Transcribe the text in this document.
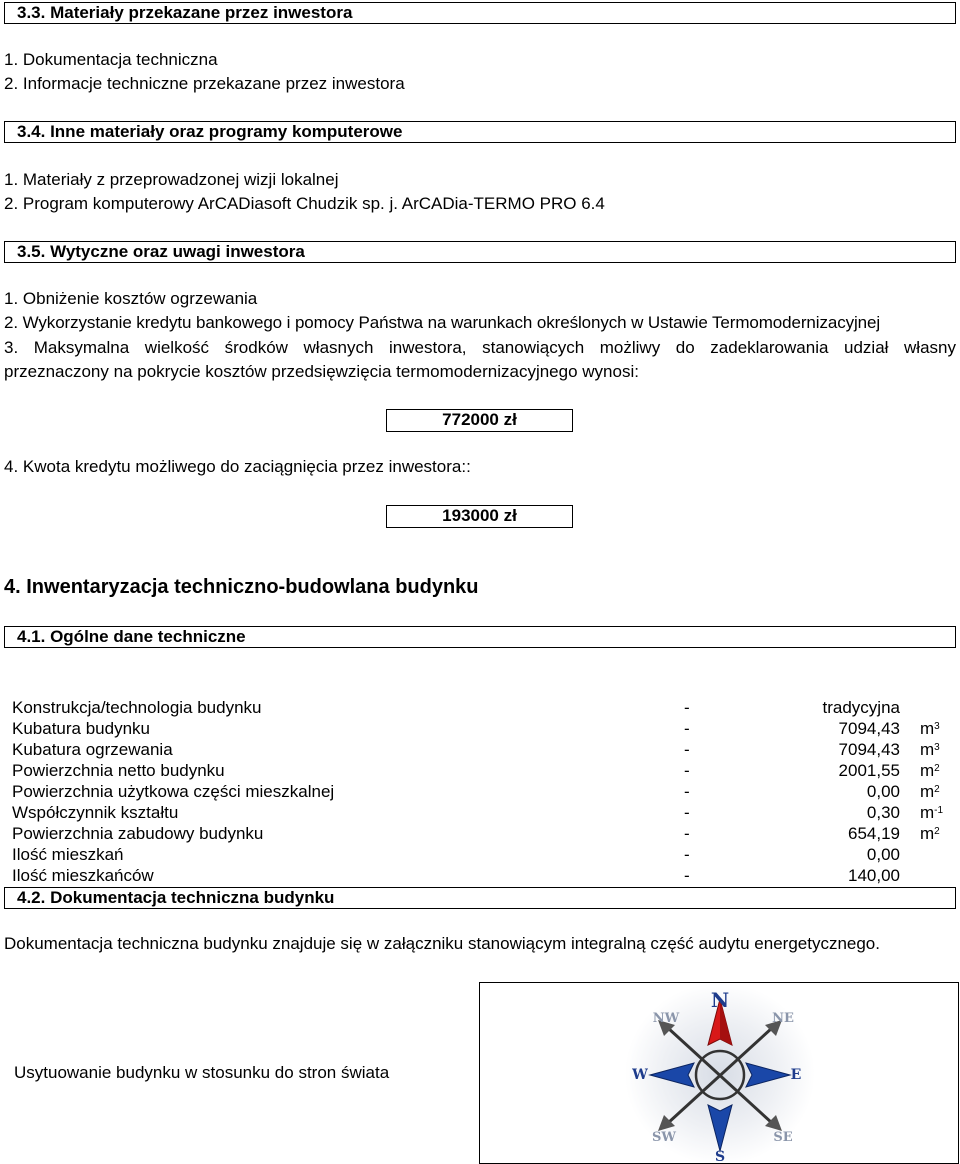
3.3. Materiały przekazane przez inwestora
1. Dokumentacja techniczna
2. Informacje techniczne przekazane przez inwestora
3.4. Inne materiały oraz programy komputerowe
1. Materiały z przeprowadzonej wizji lokalnej
2. Program komputerowy ArCADiasoft Chudzik sp. j. ArCADia-TERMO PRO 6.4
3.5. Wytyczne oraz uwagi inwestora
1. Obniżenie kosztów ogrzewania
2. Wykorzystanie kredytu bankowego i pomocy Państwa na warunkach określonych w Ustawie Termomodernizacyjnej
3. Maksymalna wielkość środków własnych inwestora, stanowiących możliwy do zadeklarowania udział własny
przeznaczony na pokrycie kosztów przedsięwzięcia termomodernizacyjnego wynosi:
772000 zł
4. Kwota kredytu możliwego do zaciągnięcia przez inwestora::
193000 zł
4. Inwentaryzacja techniczno-budowlana budynku
4.1. Ogólne dane techniczne
Konstrukcja/technologia budynku	-	tradycyjna	
Kubatura budynku	-	7094,43	$m^3$
Kubatura ogrzewania	-	7094,43	$m^3$
Powierzchnia netto budynku	-	2001,55	$m^2$
Powierzchnia użytkowa części mieszkalnej	-	0,00	$m^2$
Współczynnik kształtu	-	0,30	$m^{-1}$
Powierzchnia zabudowy budynku	-	654,19	$m^2$
Ilość mieszkań	-	0,00	
Ilość mieszkańców	-	140,00	
4.2. Dokumentacja techniczna budynku
Dokumentacja techniczna budynku znajduje się w załączniku stanowiącym integralną część audytu energetycznego.
Usytuowanie budynku w stosunku do stron świata
N
NE
NW
E
W
SE
SW
S
